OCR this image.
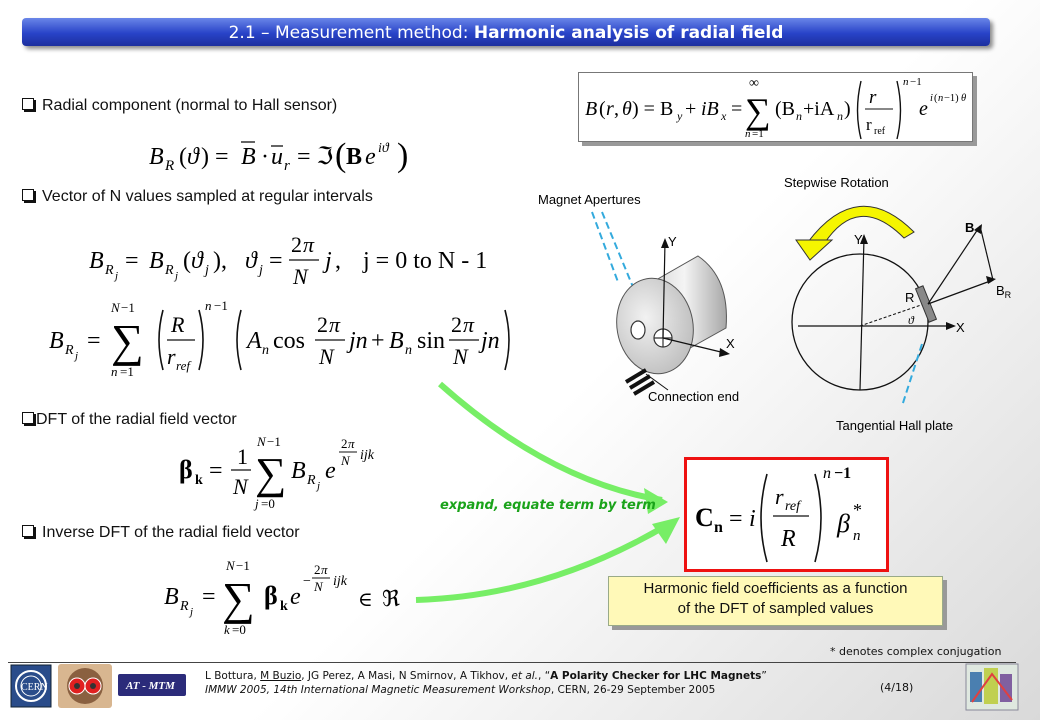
2.1 – Measurement method: Harmonic analysis of radial field
Radial component (normal to Hall sensor)
Vector of N values sampled at regular intervals
DFT of the radial field vector
Inverse DFT of the radial field vector
B R ( ϑ ) = B · u r = ℑ ( B e iϑ )
B R j
= B R j
( ϑ j ), ϑ j =
2 π
N
j , j = 0 to N - 1
B R j
= ∑
N −1
n =1
R
r ref
n −1
A n cos
2 π
N
jn + B n sin
2 π
N
jn
β k =
1
N ∑
N −1
j =0
B R j
e
2 π
N ijk
B R j
= ∑
N −1
k =0
β k e
−
2 π
N ijk
∈ ℜ
B ( r , θ ) = B y + iB x =
∞
∑
n =1
(B n +iA n )
r
r ref
n −1
e i ( n −1) θ
Magnet Apertures
Stepwise Rotation
Y
X
Connection end
X
Y
R
ϑ
B
$B_R$
Tangential Hall plate
expand, equate term by term C n = i
r ref
R
n −1
β n
*
Harmonic field coefficients as a function
of the DFT of sampled values
* denotes complex conjugation
CERN	AT - MTM
L Bottura, M Buzio, JG Perez, A Masi, N Smirnov, A Tikhov, et al., “A Polarity Checker for LHC Magnets”
IMMW 2005, 14th International Magnetic Measurement Workshop, CERN, 26-29 September 2005	(4/18)
